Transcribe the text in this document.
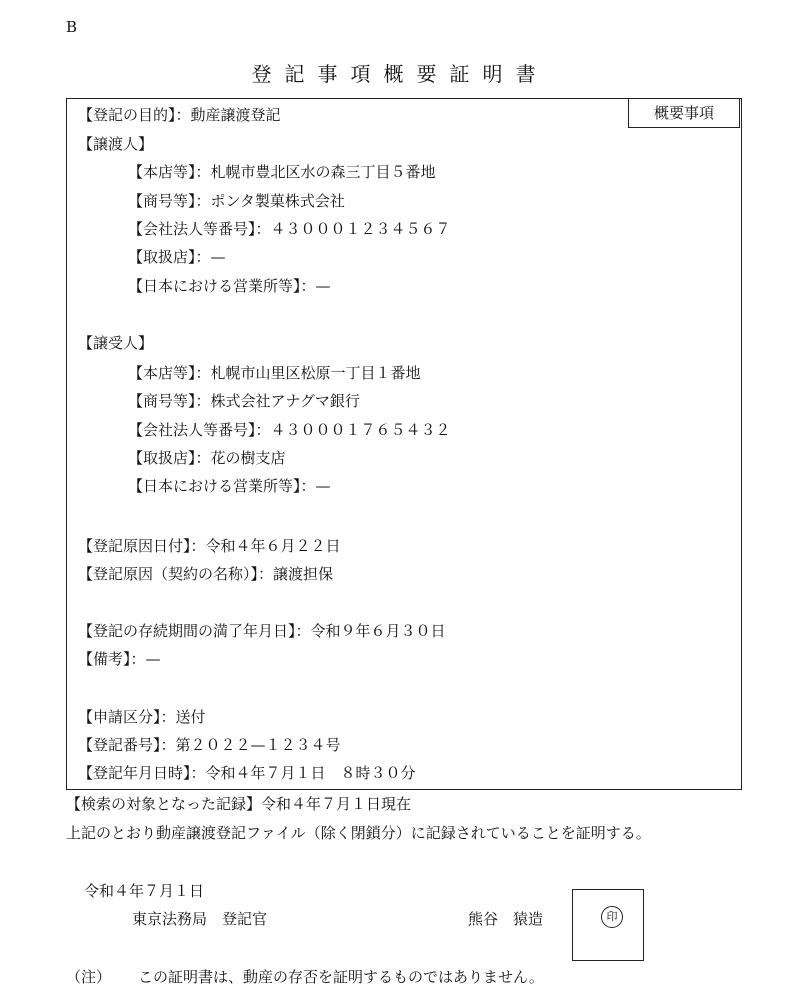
B
登記事項概要証明書
概要事項
【登記の目的】：動産譲渡登記
【譲渡人】
【本店等】：札幌市豊北区水の森三丁目５番地
【商号等】：ポンタ製菓株式会社
【会社法人等番号】：４３０００１２３４５６７
【取扱店】：—
【日本における営業所等】：—
【譲受人】
【本店等】：札幌市山里区松原一丁目１番地
【商号等】：株式会社アナグマ銀行
【会社法人等番号】：４３０００１７６５４３２
【取扱店】：花の樹支店
【日本における営業所等】：—
【登記原因日付】：令和４年６月２２日
【登記原因（契約の名称）】：譲渡担保
【登記の存続期間の満了年月日】：令和９年６月３０日
【備考】：—
【申請区分】：送付
【登記番号】：第２０２２—１２３４号
【登記年月日時】：令和４年７月１日　８時３０分
【検索の対象となった記録】令和４年７月１日現在
上記のとおり動産譲渡登記ファイル（除く閉鎖分）に記録されていることを証明する。
令和４年７月１日
東京法務局　登記官	熊谷　猿造	印
（注） この証明書は、動産の存否を証明するものではありません。
